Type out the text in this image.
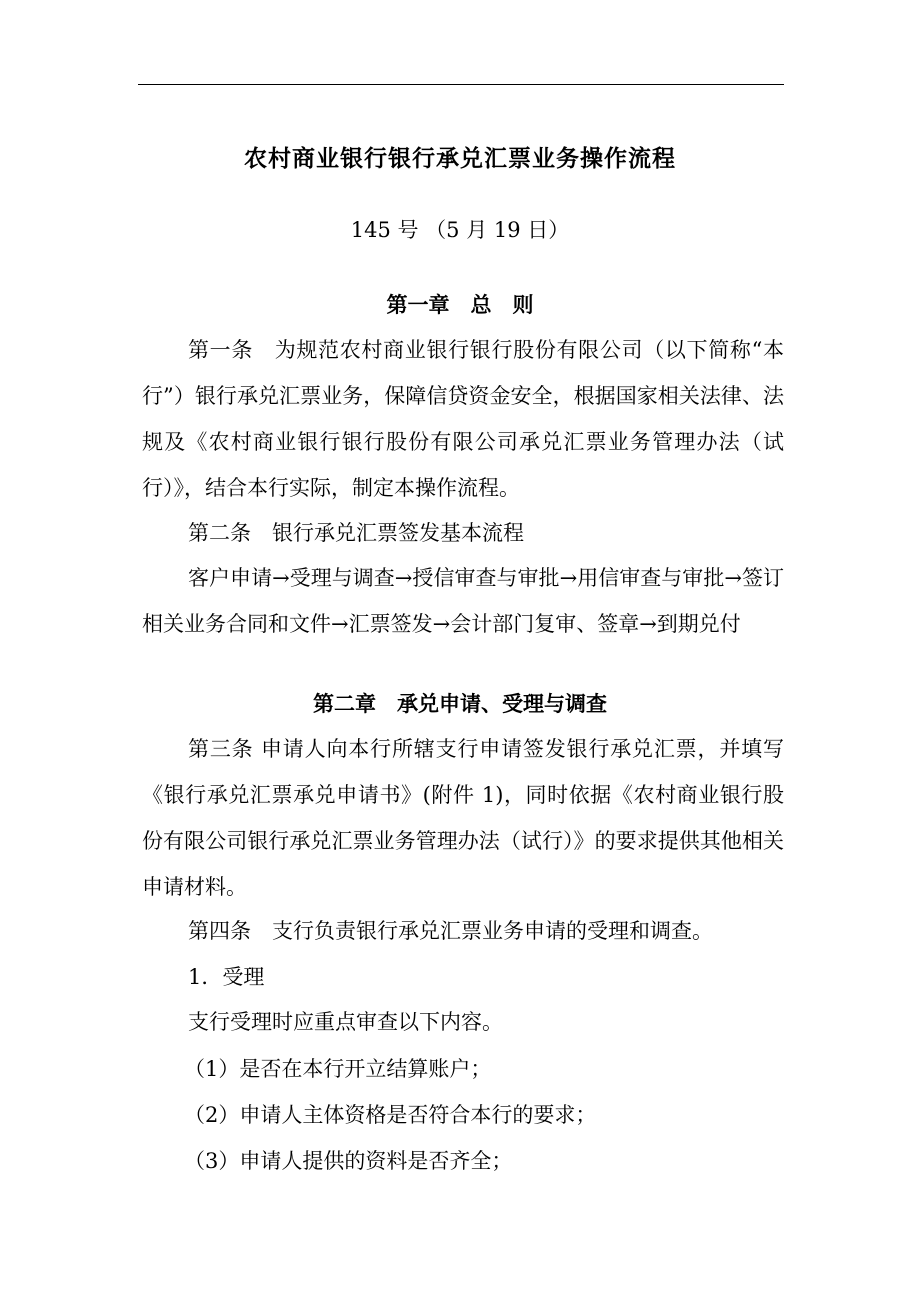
农村商业银行银行承兑汇票业务操作流程
145 号 （5 月 19 日）
第一章　总　则
第一条　为规范农村商业银行银行股份有限公司（以下简称“本行”）银行承兑汇票业务，保障信贷资金安全，根据国家相关法律、法规及《农村商业银行银行股份有限公司承兑汇票业务管理办法（试行）》，结合本行实际，制定本操作流程。
第二条　银行承兑汇票签发基本流程
客户申请→受理与调查→授信审查与审批→用信审查与审批→签订相关业务合同和文件→汇票签发→会计部门复审、签章→到期兑付
第二章　承兑申请、受理与调查
第三条 申请人向本行所辖支行申请签发银行承兑汇票，并填写《银行承兑汇票承兑申请书》(附件 1)，同时依据《农村商业银行股份有限公司银行承兑汇票业务管理办法（试行）》的要求提供其他相关申请材料。
第四条　支行负责银行承兑汇票业务申请的受理和调查。
1．受理
支行受理时应重点审查以下内容。
（1）是否在本行开立结算账户；
（2）申请人主体资格是否符合本行的要求；
（3）申请人提供的资料是否齐全；
